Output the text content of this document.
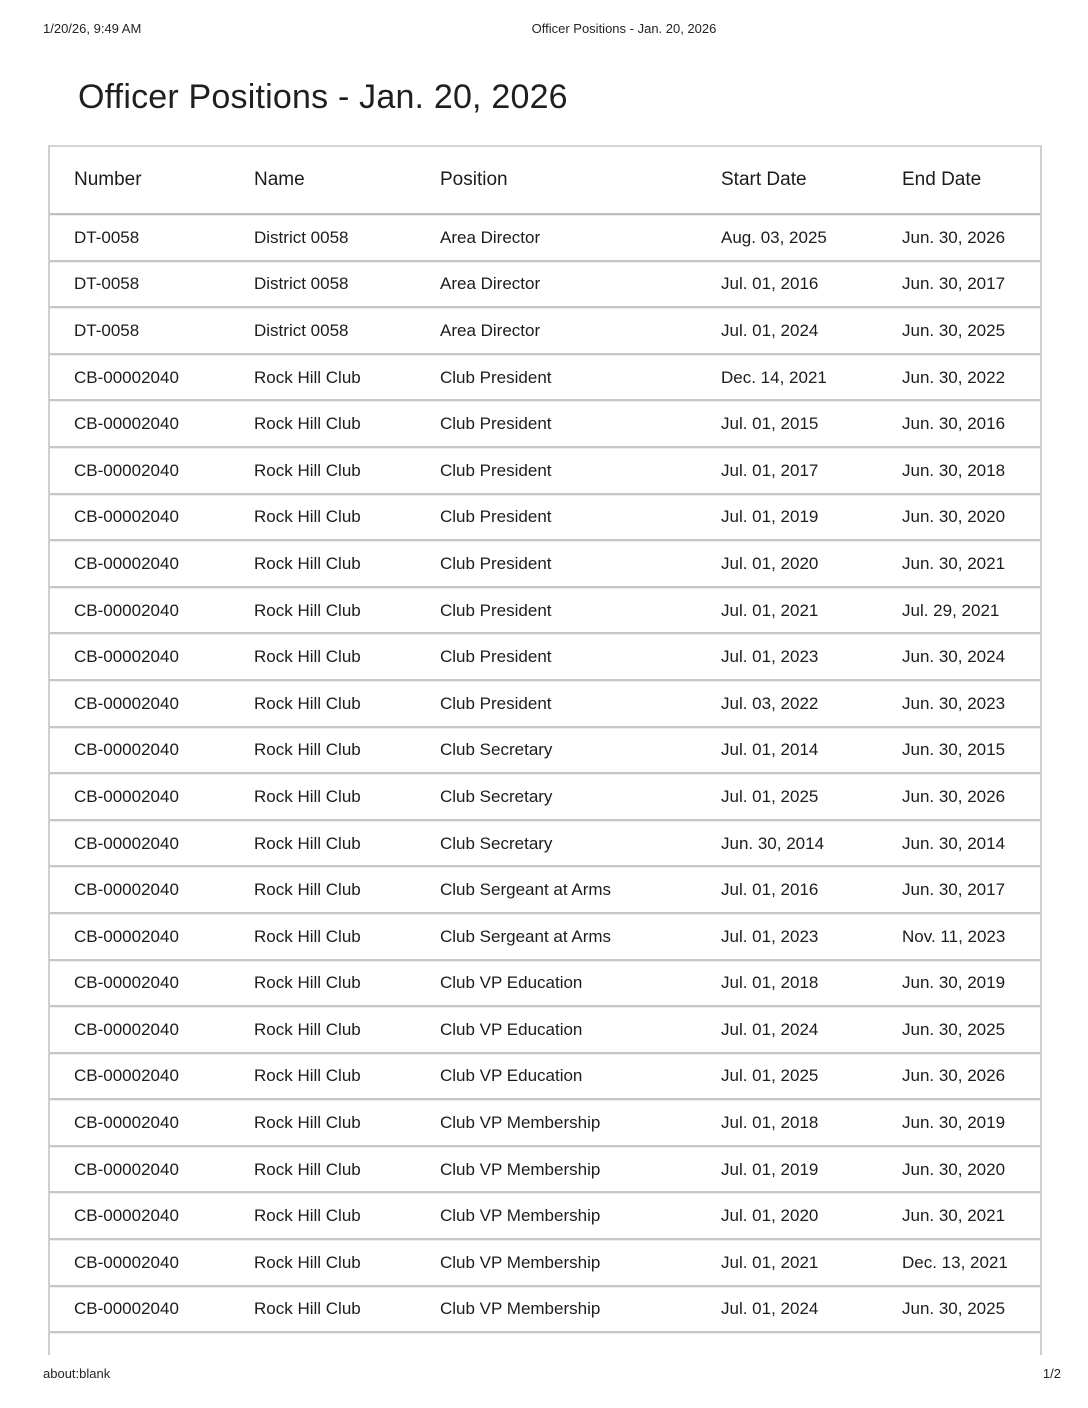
1/20/26, 9:49 AM	Officer Positions - Jan. 20, 2026
Officer Positions - Jan. 20, 2026
Number	Name	Position	Start Date	End Date
DT-0058	District 0058	Area Director	Aug. 03, 2025	Jun. 30, 2026
DT-0058	District 0058	Area Director	Jul. 01, 2016	Jun. 30, 2017
DT-0058	District 0058	Area Director	Jul. 01, 2024	Jun. 30, 2025
CB-00002040	Rock Hill Club	Club President	Dec. 14, 2021	Jun. 30, 2022
CB-00002040	Rock Hill Club	Club President	Jul. 01, 2015	Jun. 30, 2016
CB-00002040	Rock Hill Club	Club President	Jul. 01, 2017	Jun. 30, 2018
CB-00002040	Rock Hill Club	Club President	Jul. 01, 2019	Jun. 30, 2020
CB-00002040	Rock Hill Club	Club President	Jul. 01, 2020	Jun. 30, 2021
CB-00002040	Rock Hill Club	Club President	Jul. 01, 2021	Jul. 29, 2021
CB-00002040	Rock Hill Club	Club President	Jul. 01, 2023	Jun. 30, 2024
CB-00002040	Rock Hill Club	Club President	Jul. 03, 2022	Jun. 30, 2023
CB-00002040	Rock Hill Club	Club Secretary	Jul. 01, 2014	Jun. 30, 2015
CB-00002040	Rock Hill Club	Club Secretary	Jul. 01, 2025	Jun. 30, 2026
CB-00002040	Rock Hill Club	Club Secretary	Jun. 30, 2014	Jun. 30, 2014
CB-00002040	Rock Hill Club	Club Sergeant at Arms	Jul. 01, 2016	Jun. 30, 2017
CB-00002040	Rock Hill Club	Club Sergeant at Arms	Jul. 01, 2023	Nov. 11, 2023
CB-00002040	Rock Hill Club	Club VP Education	Jul. 01, 2018	Jun. 30, 2019
CB-00002040	Rock Hill Club	Club VP Education	Jul. 01, 2024	Jun. 30, 2025
CB-00002040	Rock Hill Club	Club VP Education	Jul. 01, 2025	Jun. 30, 2026
CB-00002040	Rock Hill Club	Club VP Membership	Jul. 01, 2018	Jun. 30, 2019
CB-00002040	Rock Hill Club	Club VP Membership	Jul. 01, 2019	Jun. 30, 2020
CB-00002040	Rock Hill Club	Club VP Membership	Jul. 01, 2020	Jun. 30, 2021
CB-00002040	Rock Hill Club	Club VP Membership	Jul. 01, 2021	Dec. 13, 2021
CB-00002040	Rock Hill Club	Club VP Membership	Jul. 01, 2024	Jun. 30, 2025

about:blank	1/2
